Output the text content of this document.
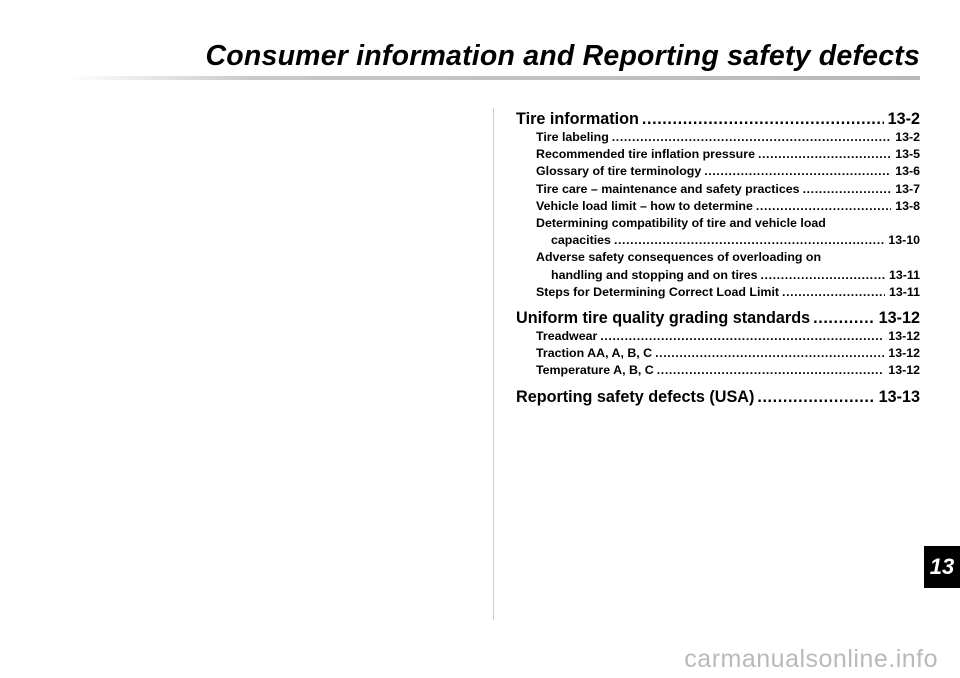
Consumer information and Reporting safety defects
Tire information .....	13-2
Tire labeling .....	13-2
Recommended tire inflation pressure .....	13-5
Glossary of tire terminology .....	13-6
Tire care – maintenance and safety practices .....	13-7
Vehicle load limit – how to determine .....	13-8
Determining compatibility of tire and vehicle load
capacities .....	13-10
Adverse safety consequences of overloading on
handling and stopping and on tires .....	13-11
Steps for Determining Correct Load Limit .....	13-11
Uniform tire quality grading standards .....	13-12
Treadwear .....	13-12
Traction AA, A, B, C .....	13-12
Temperature A, B, C .....	13-12
Reporting safety defects (USA) .....	13-13
13
carmanualsonline.info
